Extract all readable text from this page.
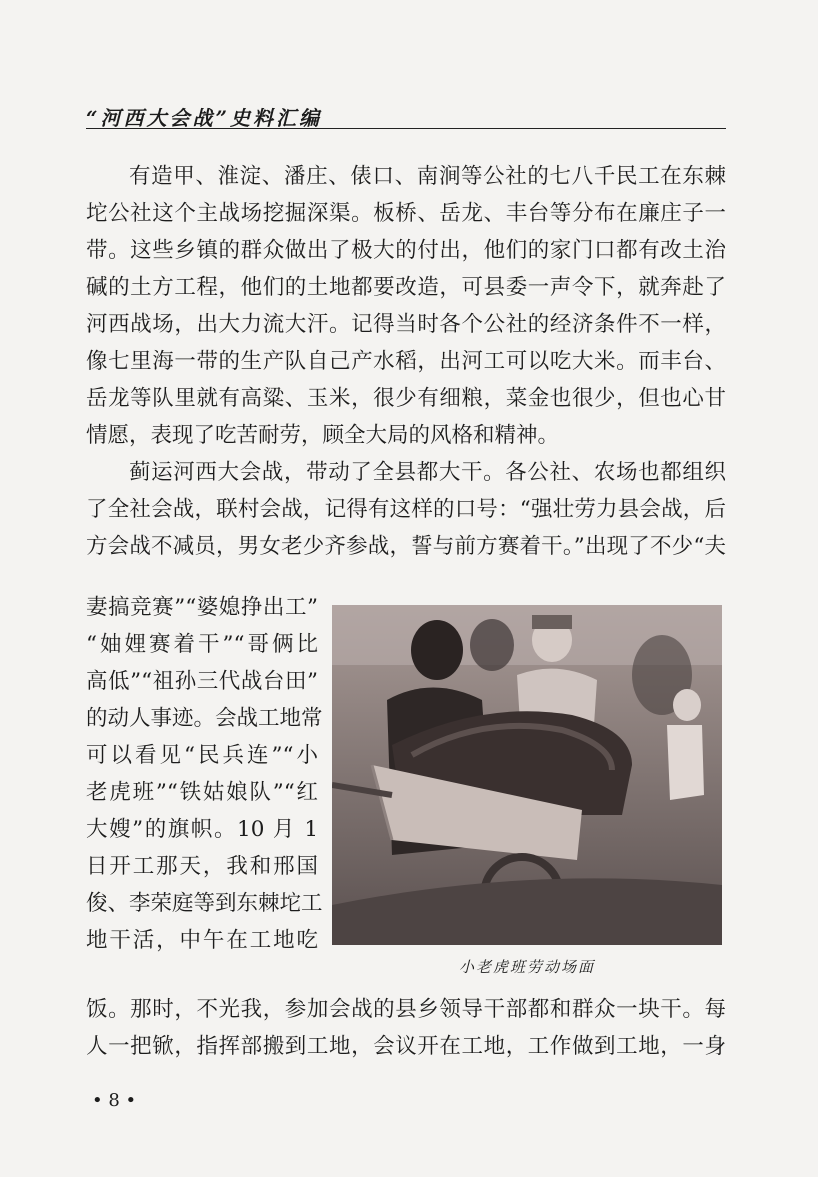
“河西大会战”史料汇编
有造甲、淮淀、潘庄、俵口、南涧等公社的七八千民工在东棘
坨公社这个主战场挖掘深渠。板桥、岳龙、丰台等分布在廉庄子一
带。这些乡镇的群众做出了极大的付出，他们的家门口都有改土治
碱的土方工程，他们的土地都要改造，可县委一声令下，就奔赴了
河西战场，出大力流大汗。记得当时各个公社的经济条件不一样，
像七里海一带的生产队自己产水稻，出河工可以吃大米。而丰台、
岳龙等队里就有高粱、玉米，很少有细粮，菜金也很少，但也心甘
情愿，表现了吃苦耐劳，顾全大局的风格和精神。
蓟运河西大会战，带动了全县都大干。各公社、农场也都组织
了全社会战，联村会战，记得有这样的口号：“强壮劳力县会战，后
方会战不减员，男女老少齐参战，誓与前方赛着干。”出现了不少“夫
妻搞竞赛”“婆媳挣出工”
“妯娌赛着干”“哥俩比
高低”“祖孙三代战台田”
的动人事迹。会战工地常
可以看见“民兵连”“小
老虎班”“铁姑娘队”“红
大嫂”的旗帜。10 月 1
日开工那天，我和邢国
俊、李荣庭等到东棘坨工
地干活，中午在工地吃
小老虎班劳动场面
饭。那时，不光我，参加会战的县乡领导干部都和群众一块干。每
人一把锨，指挥部搬到工地，会议开在工地，工作做到工地，一身
• 8 •
